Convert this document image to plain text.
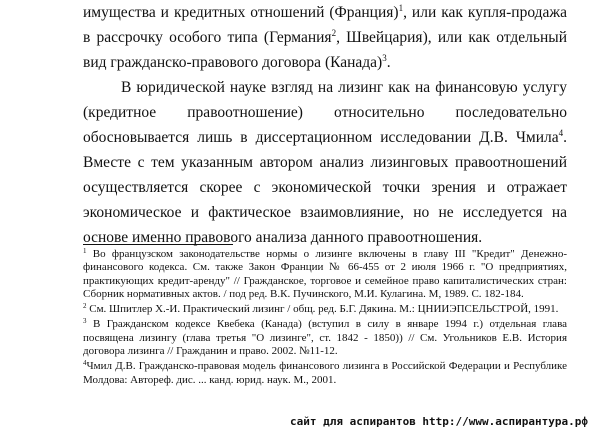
имущества и кредитных отношений (Франция)$^1$, или как купля-продажа в рассрочку особого типа (Германия$^2$, Швейцария), или как отдельный вид гражданско-правового договора (Канада)$^3$.

В юридической науке взгляд на лизинг как на финансовую услугу (кредитное правоотношение) относительно последовательно обосновывается лишь в диссертационном исследовании Д.В. Чмила$^4$. Вместе с тем указанным автором анализ лизинговых правоотношений осуществляется скорее с экономической точки зрения и отражает экономическое и фактическое взаимовлияние, но не исследуется на основе именно правового анализа данного правоотношения.

$^1$ Во французском законодательстве нормы о лизинге включены в главу III "Кредит" Денежно-финансового кодекса. См. также Закон Франции № 66-455 от 2 июля 1966 г. "О предприятиях, практикующих кредит-аренду" // Гражданское, торговое и семейное право капиталистических стран: Сборник нормативных актов. / под ред. В.К. Пучинского, М.И. Кулагина. М, 1989. С. 182-184.

$^2$ См. Шпитлер Х.-И. Практический лизинг / общ. ред. Б.Г. Дякина. М.: ЦНИИЭПСЕЛЬСТРОЙ, 1991.

$^3$ В Гражданском кодексе Квебека (Канада) (вступил в силу в январе 1994 г.) отдельная глава посвящена лизингу (глава третья "О лизинге", ст. 1842 - 1850)) // См. Угольников Е.В. История договора лизинга // Гражданин и право. 2002. №11-12.

$^4$Чмил Д.В. Гражданско-правовая модель финансового лизинга в Российской Федерации и Республике Молдова: Автореф. дис. ... канд. юрид. наук. М., 2001.

сайт для аспирантов http://www.аспирантура.рф
